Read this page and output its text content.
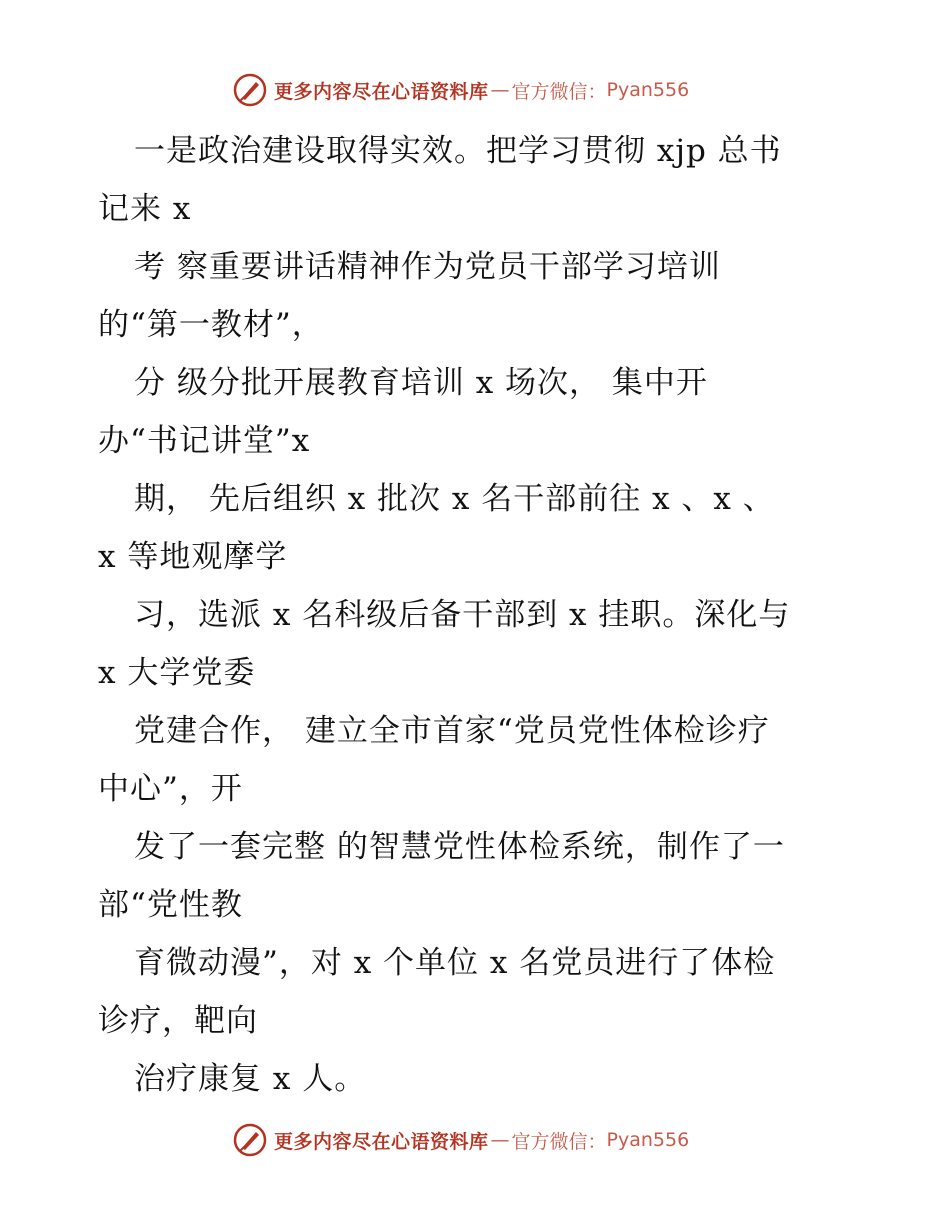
更多内容尽在心语资料库 — 官方微信： Pyan556
一是政治建设取得实效。把学习贯彻 xjp 总书
记来 x
考 察重要讲话精神作为党员干部学习培训
的“第一教材”，
分 级分批开展教育培训 x 场次， 集中开
办“书记讲堂”x
期， 先后组织 x 批次 x 名干部前往 x 、x 、
x 等地观摩学
习，选派 x 名科级后备干部到 x 挂职。深化与
x 大学党委
党建合作， 建立全市首家“党员党性体检诊疗
中心”，开
发了一套完整 的智慧党性体检系统，制作了一
部“党性教
育微动漫”，对 x 个单位 x 名党员进行了体检
诊疗，靶向
治疗康复 x 人。
更多内容尽在心语资料库 — 官方微信： Pyan556
